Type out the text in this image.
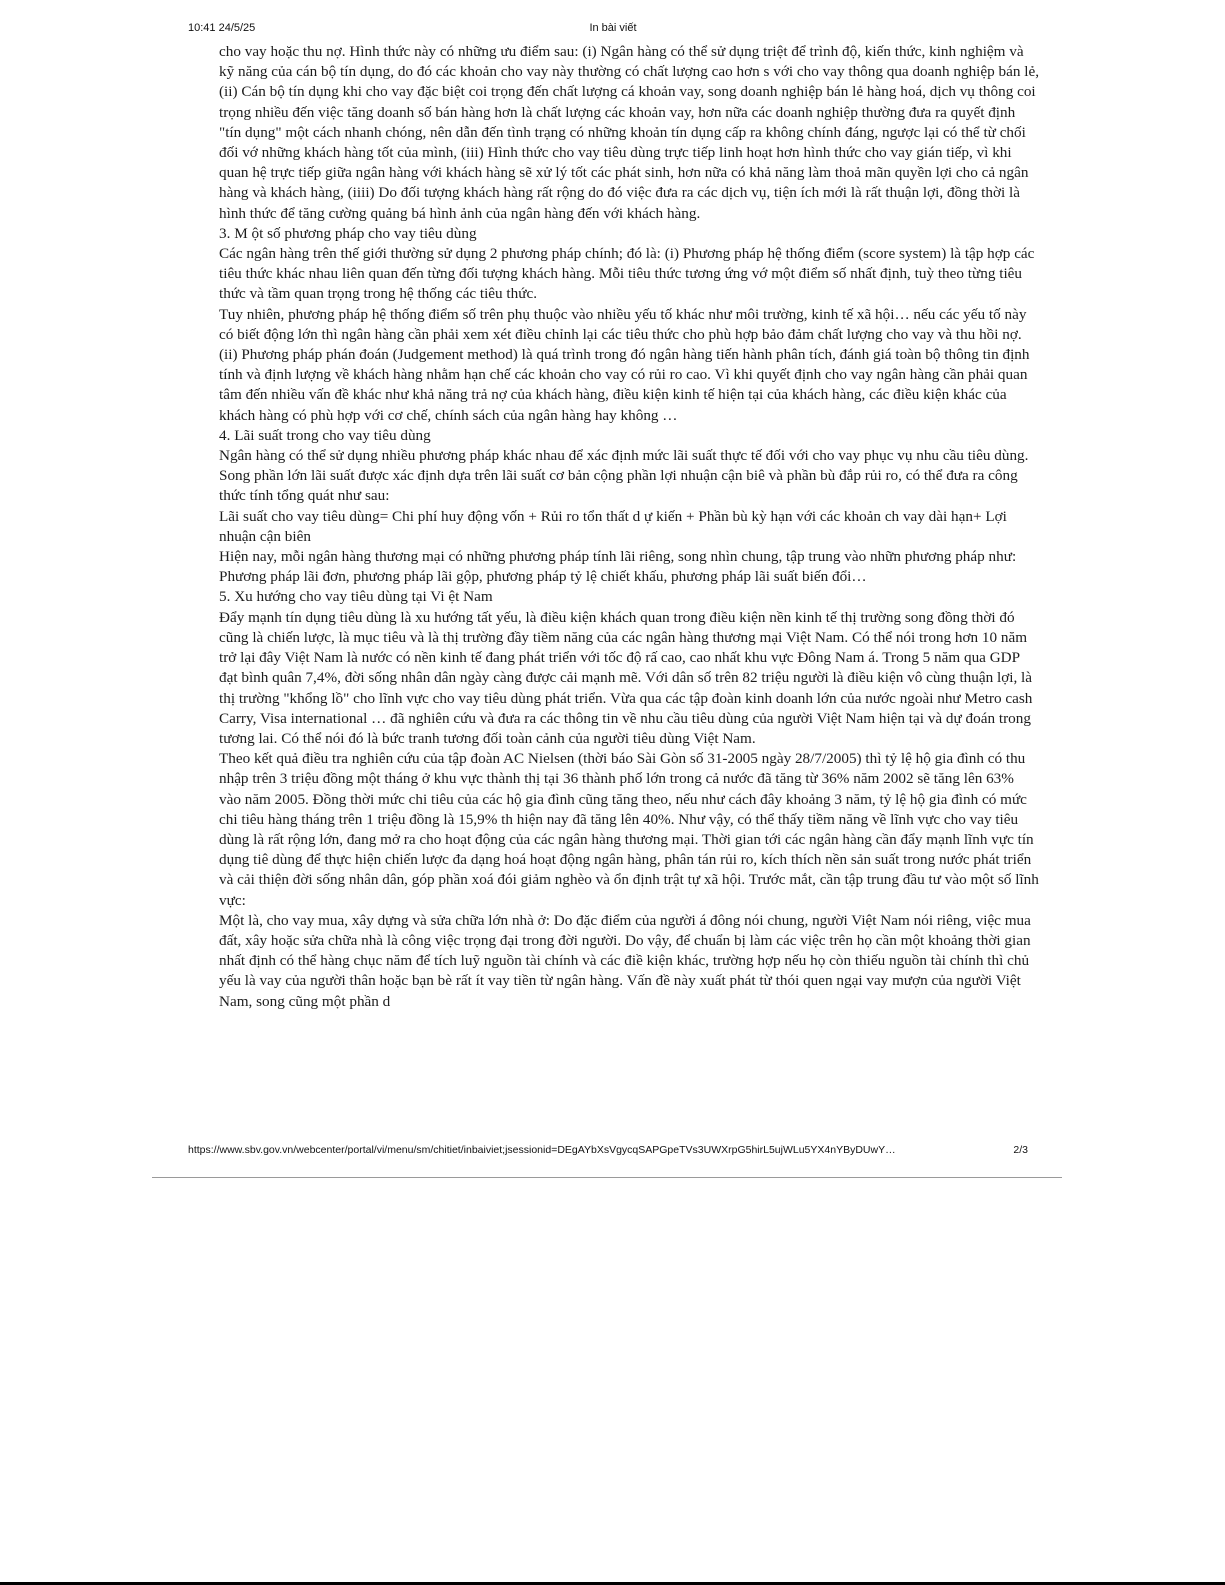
10:41 24/5/25	In bài viết

cho vay hoặc thu nợ. Hình thức này có những ưu điểm sau: (i) Ngân hàng có thể sử dụng triệt để trình độ, kiến thức, kinh nghiệm và kỹ năng của cán bộ tín dụng, do đó các khoản cho vay này thường có chất lượng cao hơn s với cho vay thông qua doanh nghiệp bán lẻ, (ii) Cán bộ tín dụng khi cho vay đặc biệt coi trọng đến chất lượng cá khoản vay, song doanh nghiệp bán lẻ hàng hoá, dịch vụ thông coi trọng nhiều đến việc tăng doanh số bán hàng hơn là chất lượng các khoản vay, hơn nữa các doanh nghiệp thường đưa ra quyết định "tín dụng" một cách nhanh chóng, nên dẫn đến tình trạng có những khoản tín dụng cấp ra không chính đáng, ngược lại có thể từ chối đối vớ những khách hàng tốt của mình, (iii) Hình thức cho vay tiêu dùng trực tiếp linh hoạt hơn hình thức cho vay gián tiếp, vì khi quan hệ trực tiếp giữa ngân hàng với khách hàng sẽ xử lý tốt các phát sinh, hơn nữa có khả năng làm thoả mãn quyền lợi cho cả ngân hàng và khách hàng, (iiii) Do đối tượng khách hàng rất rộng do đó việc đưa ra các dịch vụ, tiện ích mới là rất thuận lợi, đồng thời là hình thức để tăng cường quảng bá hình ảnh của ngân hàng đến với khách hàng.

3. M ột số phương pháp cho vay tiêu dùng

Các ngân hàng trên thế giới thường sử dụng 2 phương pháp chính; đó là: (i) Phương pháp hệ thống điểm (score system) là tập hợp các tiêu thức khác nhau liên quan đến từng đối tượng khách hàng. Mỗi tiêu thức tương ứng vớ một điểm số nhất định, tuỳ theo từng tiêu thức và tầm quan trọng trong hệ thống các tiêu thức.

Tuy nhiên, phương pháp hệ thống điểm số trên phụ thuộc vào nhiều yếu tố khác như môi trường, kinh tế xã hội… nếu các yếu tố này có biết động lớn thì ngân hàng cần phải xem xét điều chỉnh lại các tiêu thức cho phù hợp bảo đảm chất lượng cho vay và thu hồi nợ.(ii) Phương pháp phán đoán (Judgement method) là quá trình trong đó ngân hàng tiến hành phân tích, đánh giá toàn bộ thông tin định tính và định lượng về khách hàng nhằm hạn chế các khoản cho vay có rủi ro cao. Vì khi quyết định cho vay ngân hàng cần phải quan tâm đến nhiều vấn đề khác như khả năng trả nợ của khách hàng, điều kiện kinh tế hiện tại của khách hàng, các điều kiện khác của khách hàng có phù hợp với cơ chế, chính sách của ngân hàng hay không …

4. Lãi suất trong cho vay tiêu dùng

Ngân hàng có thể sử dụng nhiều phương pháp khác nhau để xác định mức lãi suất thực tế đối với cho vay phục vụ nhu cầu tiêu dùng. Song phần lớn lãi suất được xác định dựa trên lãi suất cơ bản cộng phần lợi nhuận cận biê và phần bù đắp rủi ro, có thể đưa ra công thức tính tổng quát như sau:

Lãi suất cho vay tiêu dùng= Chi phí huy động vốn + Rủi ro tổn thất d ự kiến + Phần bù kỳ hạn với các khoản ch vay dài hạn+ Lợi nhuận cận biên

Hiện nay, mỗi ngân hàng thương mại có những phương pháp tính lãi riêng, song nhìn chung, tập trung vào nhữn phương pháp như: Phương pháp lãi đơn, phương pháp lãi gộp, phương pháp tỷ lệ chiết khấu, phương pháp lãi suất biến đổi…

5. Xu hướng cho vay tiêu dùng tại Vi ệt Nam

Đẩy mạnh tín dụng tiêu dùng là xu hướng tất yếu, là điều kiện khách quan trong điều kiện nền kinh tế thị trường song đồng thời đó cũng là chiến lược, là mục tiêu và là thị trường đầy tiềm năng của các ngân hàng thương mại Việt Nam. Có thể nói trong hơn 10 năm trở lại đây Việt Nam là nước có nền kinh tế đang phát triển với tốc độ rấ cao, cao nhất khu vực Đông Nam á. Trong 5 năm qua GDP đạt bình quân 7,4%, đời sống nhân dân ngày càng được cải mạnh mẽ. Với dân số trên 82 triệu người là điều kiện vô cùng thuận lợi, là thị trường "khổng lồ" cho lĩnh vực cho vay tiêu dùng phát triển. Vừa qua các tập đoàn kinh doanh lớn của nước ngoài như Metro cash Carry, Visa international … đã nghiên cứu và đưa ra các thông tin về nhu cầu tiêu dùng của người Việt Nam hiện tại và dự đoán trong tương lai. Có thể nói đó là bức tranh tương đối toàn cảnh của người tiêu dùng Việt Nam.

Theo kết quả điều tra nghiên cứu của tập đoàn AC Nielsen (thời báo Sài Gòn số 31-2005 ngày 28/7/2005) thì tỷ lệ hộ gia đình có thu nhập trên 3 triệu đồng một tháng ở khu vực thành thị tại 36 thành phố lớn trong cả nước đã tăng từ 36% năm 2002 sẽ tăng lên 63% vào năm 2005. Đồng thời mức chi tiêu của các hộ gia đình cũng tăng theo, nếu như cách đây khoảng 3 năm, tỷ lệ hộ gia đình có mức chi tiêu hàng tháng trên 1 triệu đồng là 15,9% th hiện nay đã tăng lên 40%. Như vậy, có thể thấy tiềm năng về lĩnh vực cho vay tiêu dùng là rất rộng lớn, đang mở ra cho hoạt động của các ngân hàng thương mại. Thời gian tới các ngân hàng cần đẩy mạnh lĩnh vực tín dụng tiê dùng để thực hiện chiến lược đa dạng hoá hoạt động ngân hàng, phân tán rủi ro, kích thích nền sản suất trong nước phát triển và cải thiện đời sống nhân dân, góp phần xoá đói giảm nghèo và ổn định trật tự xã hội. Trước mắt, cần tập trung đầu tư vào một số lĩnh vực:

Một là, cho vay mua, xây dựng và sửa chữa lớn nhà ở: Do đặc điểm của người á đông nói chung, người Việt Nam nói riêng, việc mua đất, xây hoặc sửa chữa nhà là công việc trọng đại trong đời người. Do vậy, để chuẩn bị làm các việc trên họ cần một khoảng thời gian nhất định có thể hàng chục năm để tích luỹ nguồn tài chính và các điề kiện khác, trường hợp nếu họ còn thiếu nguồn tài chính thì chủ yếu là vay của người thân hoặc bạn bè rất ít vay tiền từ ngân hàng. Vấn đề này xuất phát từ thói quen ngại vay mượn của người Việt Nam, song cũng một phần d

https://www.sbv.gov.vn/webcenter/portal/vi/menu/sm/chitiet/inbaiviet;jsessionid=DEgAYbXsVgycqSAPGpeTVs3UWXrpG5hirL5ujWLu5YX4nYByDUwY…	2/3
